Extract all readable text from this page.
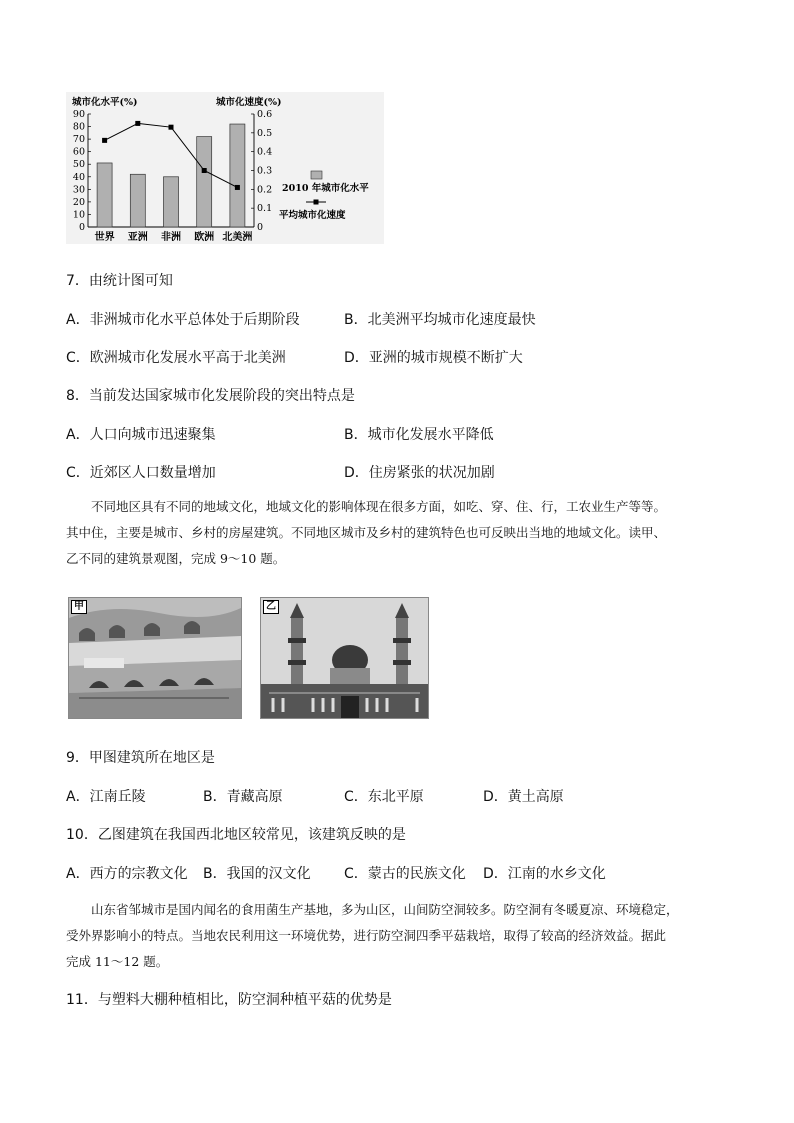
城市化水平(%)	城市化速度(%)
0
10
20
30
40
50
60
70
80
90
0
0.1
0.2
0.3
0.4
0.5
0.6
世界 亚洲 非洲 欧洲 北美洲
2010 年城市化水平
平均城市化速度
7．由统计图可知
A．非洲城市化水平总体处于后期阶段	B．北美洲平均城市化速度最快
C．欧洲城市化发展水平高于北美洲	D．亚洲的城市规模不断扩大
8．当前发达国家城市化发展阶段的突出特点是
A．人口向城市迅速聚集	B．城市化发展水平降低
C．近郊区人口数量增加	D．住房紧张的状况加剧

不同地区具有不同的地域文化，地域文化的影响体现在很多方面，如吃、穿、住、行，工农业生产等等。

其中住，主要是城市、乡村的房屋建筑。不同地区城市及乡村的建筑特色也可反映出当地的地域文化。读甲、

乙不同的建筑景观图，完成 9～10 题。

甲	乙
9．甲图建筑所在地区是
A．江南丘陵	B．青藏高原	C．东北平原	D．黄土高原
10．乙图建筑在我国西北地区较常见，该建筑反映的是
A．西方的宗教文化 B．我国的汉文化 C．蒙古的民族文化 D．江南的水乡文化

山东省邹城市是国内闻名的食用菌生产基地，多为山区，山间防空洞较多。防空洞有冬暖夏凉、环境稳定，

受外界影响小的特点。当地农民利用这一环境优势，进行防空洞四季平菇栽培，取得了较高的经济效益。据此

完成 11～12 题。

11．与塑料大棚种植相比，防空洞种植平菇的优势是
